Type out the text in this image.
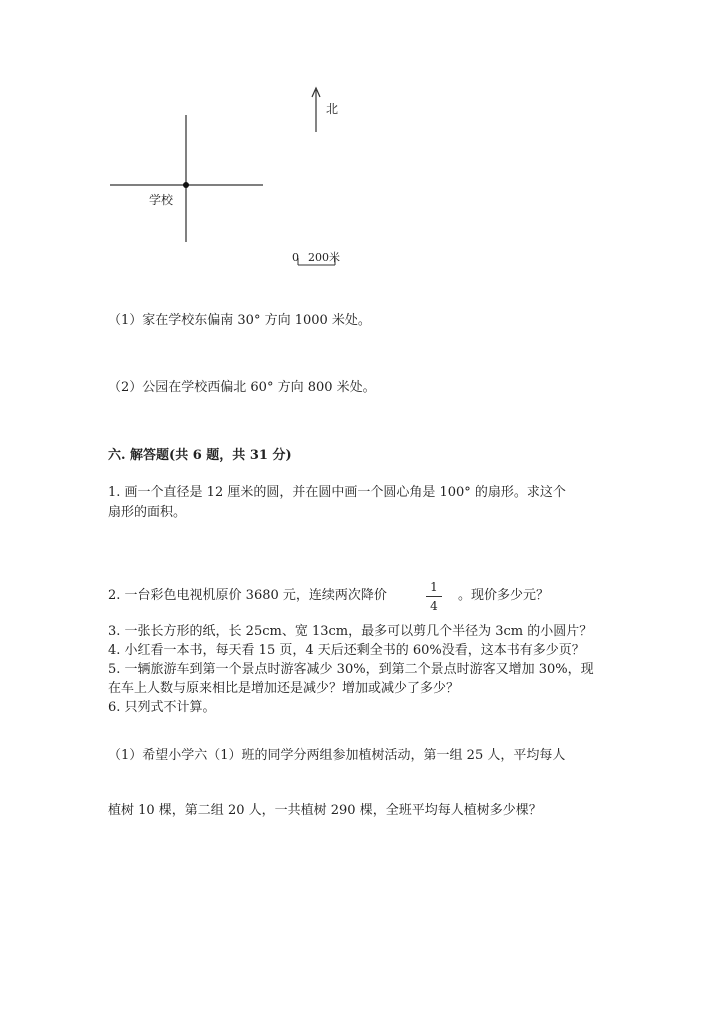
北
学校
0 200米
（1）家在学校东偏南 30° 方向 1000 米处。
（2）公园在学校西偏北 60° 方向 800 米处。
六. 解答题(共 6 题，共 31 分)
1. 画一个直径是 12 厘米的圆，并在圆中画一个圆心角是 100° 的扇形。求这个
扇形的面积。
2. 一台彩色电视机原价 3680 元，连续两次降价
1
4
。现价多少元？
3. 一张长方形的纸，长 25cm、宽 13cm，最多可以剪几个半径为 3cm 的小圆片？
4. 小红看一本书，每天看 15 页，4 天后还剩全书的 60%没看，这本书有多少页？
5. 一辆旅游车到第一个景点时游客减少 30%，到第二个景点时游客又增加 30%，现
在车上人数与原来相比是增加还是减少？增加或减少了多少？
6. 只列式不计算。
（1）希望小学六（1）班的同学分两组参加植树活动，第一组 25 人，平均每人
植树 10 棵，第二组 20 人，一共植树 290 棵，全班平均每人植树多少棵？
